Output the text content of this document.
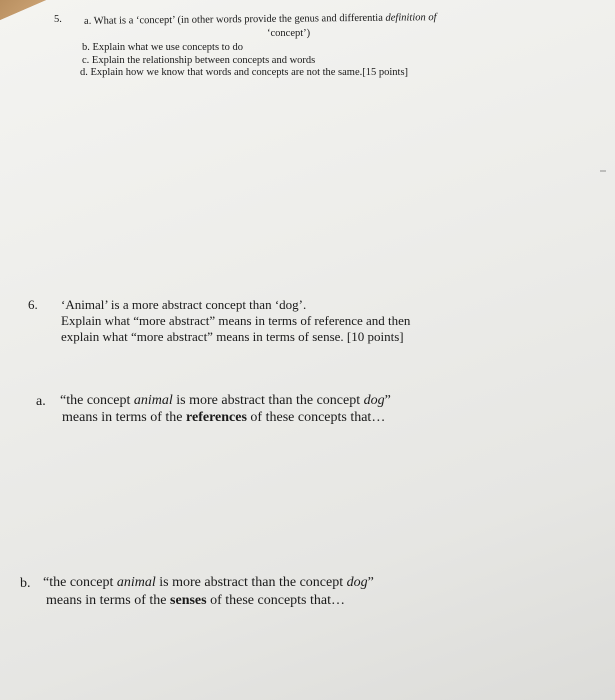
5. a. What is a ‘concept’ (in other words provide the genus and differentia definition of
‘concept’)
b. Explain what we use concepts to do
c. Explain the relationship between concepts and words
d. Explain how we know that words and concepts are not the same.[15 points]
6. ‘Animal’ is a more abstract concept than ‘dog’.
Explain what “more abstract” means in terms of reference and then
explain what “more abstract” means in terms of sense. [10 points]
a. “the concept animal is more abstract than the concept dog”
means in terms of the references of these concepts that…
b. “the concept animal is more abstract than the concept dog”
means in terms of the senses of these concepts that…
